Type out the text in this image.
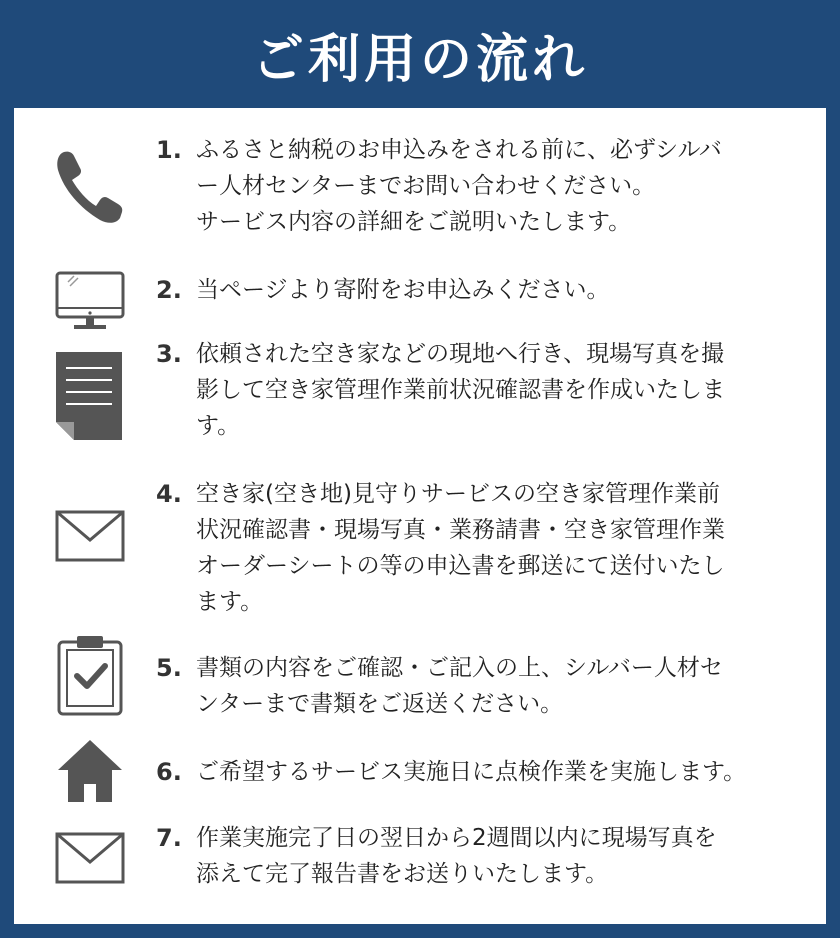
ご利用の流れ
1. ふるさと納税のお申込みをされる前に、必ずシルバ
ー人材センターまでお問い合わせください。
サービス内容の詳細をご説明いたします。

2. 当ページより寄附をお申込みください。

3. 依頼された空き家などの現地へ行き、現場写真を撮
影して空き家管理作業前状況確認書を作成いたしま
す。

4. 空き家(空き地)見守りサービスの空き家管理作業前
状況確認書・現場写真・業務請書・空き家管理作業
オーダーシートの等の申込書を郵送にて送付いたし
ます。

5. 書類の内容をご確認・ご記入の上、シルバー人材セ
ンターまで書類をご返送ください。

6. ご希望するサービス実施日に点検作業を実施します。

7. 作業実施完了日の翌日から2週間以内に現場写真を
添えて完了報告書をお送りいたします。
